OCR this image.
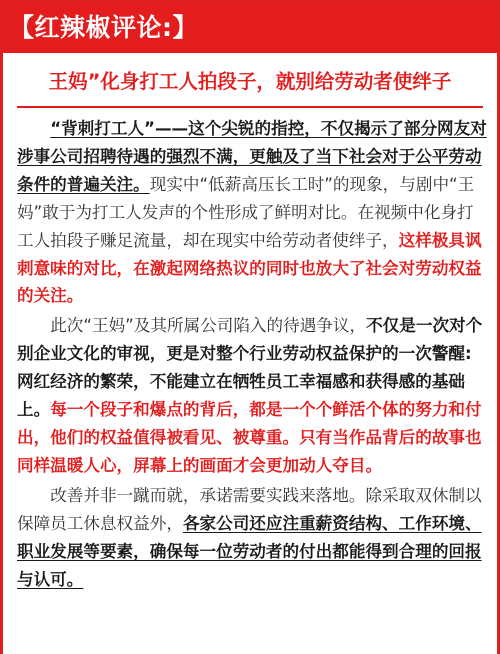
【红辣椒评论:】
王妈”化身打工人拍段子，就别给劳动者使绊子

“背刺打工人”——这个尖锐的指控，不仅揭示了部分网友对涉事公司招聘待遇的强烈不满，更触及了当下社会对于公平劳动条件的普遍关注。现实中“低薪高压长工时”的现象，与剧中“王妈”敢于为打工人发声的个性形成了鲜明对比。在视频中化身打工人拍段子赚足流量，却在现实中给劳动者使绊子，这样极具讽刺意味的对比，在激起网络热议的同时也放大了社会对劳动权益的关注。

此次“王妈”及其所属公司陷入的待遇争议，不仅是一次对个别企业文化的审视，更是对整个行业劳动权益保护的一次警醒:网红经济的繁荣，不能建立在牺牲员工幸福感和获得感的基础上。每一个段子和爆点的背后，都是一个个鲜活个体的努力和付出，他们的权益值得被看见、被尊重。只有当作品背后的故事也同样温暖人心，屏幕上的画面才会更加动人夺目。

改善并非一蹴而就，承诺需要实践来落地。除采取双休制以保障员工休息权益外，各家公司还应注重薪资结构、工作环境、职业发展等要素，确保每一位劳动者的付出都能得到合理的回报与认可。
